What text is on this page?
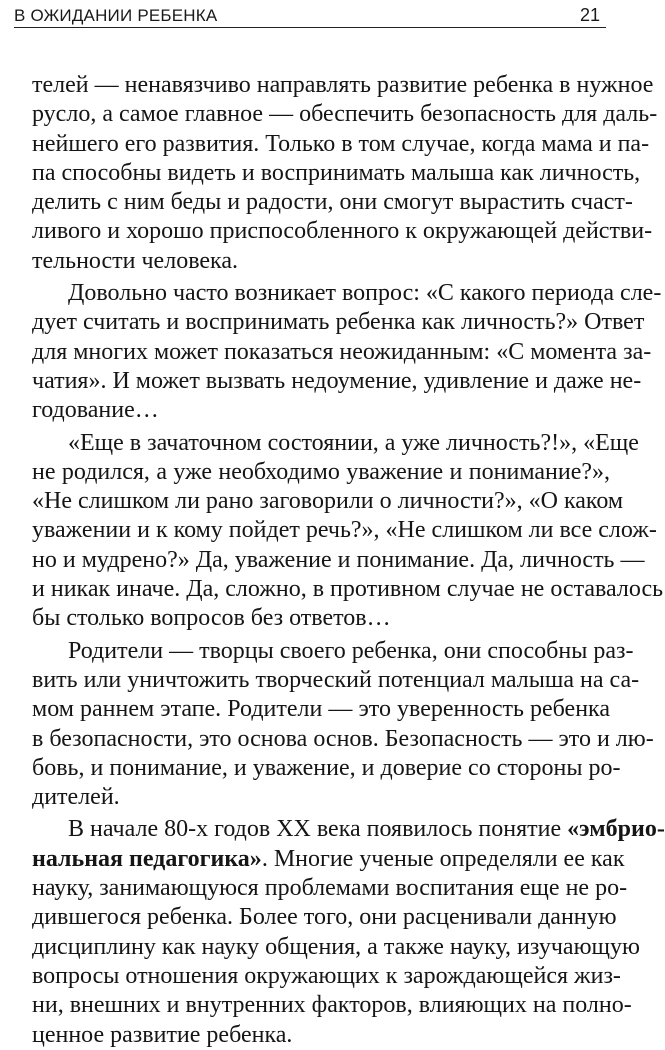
В ОЖИДАНИИ РЕБЕНКА	21
телей — ненавязчиво направлять развитие ребенка в нужное
русло, а самое главное — обеспечить безопасность для даль-
нейшего его развития. Только в том случае, когда мама и па-
па способны видеть и воспринимать малыша как личность,
делить с ним беды и радости, они смогут вырастить счаст-
ливого и хорошо приспособленного к окружающей действи-
тельности человека.
Довольно часто возникает вопрос: «С какого периода сле-
дует считать и воспринимать ребенка как личность?» Ответ
для многих может показаться неожиданным: «С момента за-
чатия». И может вызвать недоумение, удивление и даже не-
годование…
«Еще в зачаточном состоянии, а уже личность?!», «Еще
не родился, а уже необходимо уважение и понимание?»,
«Не слишком ли рано заговорили о личности?», «О каком
уважении и к кому пойдет речь?», «Не слишком ли все слож-
но и мудрено?» Да, уважение и понимание. Да, личность —
и никак иначе. Да, сложно, в противном случае не оставалось
бы столько вопросов без ответов…
Родители — творцы своего ребенка, они способны раз-
вить или уничтожить творческий потенциал малыша на са-
мом раннем этапе. Родители — это уверенность ребенка
в безопасности, это основа основ. Безопасность — это и лю-
бовь, и понимание, и уважение, и доверие со стороны ро-
дителей.
В начале 80-х годов XX века появилось понятие «эмбрио-
нальная педагогика». Многие ученые определяли ее как
науку, занимающуюся проблемами воспитания еще не ро-
дившегося ребенка. Более того, они расценивали данную
дисциплину как науку общения, а также науку, изучающую
вопросы отношения окружающих к зарождающейся жиз-
ни, внешних и внутренних факторов, влияющих на полно-
ценное развитие ребенка.
